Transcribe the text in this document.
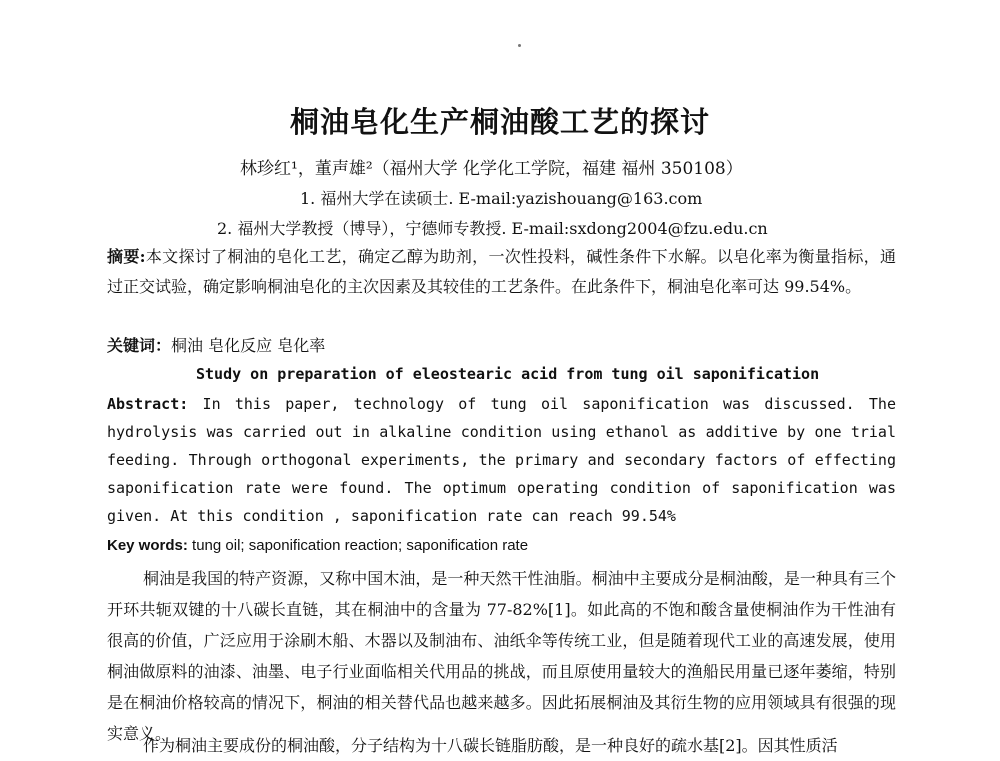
桐油皂化生产桐油酸工艺的探讨
林珍红¹，董声雄²（福州大学 化学化工学院，福建 福州 350108）
1. 福州大学在读硕士. E-mail:yazishouang@163.com
2. 福州大学教授（博导），宁德师专教授. E-mail:sxdong2004@fzu.edu.cn
摘要:本文探讨了桐油的皂化工艺，确定乙醇为助剂，一次性投料，碱性条件下水解。以皂化率为衡量指标，通过正交试验，确定影响桐油皂化的主次因素及其较佳的工艺条件。在此条件下，桐油皂化率可达 99.54%。
关键词：桐油 皂化反应 皂化率
Study on preparation of eleostearic acid from tung oil saponification
Abstract: In this paper, technology of tung oil saponification was discussed. The hydrolysis was carried out in alkaline condition using ethanol as additive by one trial feeding. Through orthogonal experiments, the primary and secondary factors of effecting saponification rate were found. The optimum operating condition of saponification was given. At this condition , saponification rate can reach 99.54%
Key words: tung oil; saponification reaction; saponification rate
桐油是我国的特产资源，又称中国木油，是一种天然干性油脂。桐油中主要成分是桐油酸，是一种具有三个开环共轭双键的十八碳长直链，其在桐油中的含量为 77-82%[1]。如此高的不饱和酸含量使桐油作为干性油有很高的价值，广泛应用于涂刷木船、木器以及制油布、油纸伞等传统工业，但是随着现代工业的高速发展，使用桐油做原料的油漆、油墨、电子行业面临相关代用品的挑战，而且原使用量较大的渔船民用量已逐年萎缩，特别是在桐油价格较高的情况下，桐油的相关替代品也越来越多。因此拓展桐油及其衍生物的应用领域具有很强的现实意义。
作为桐油主要成份的桐油酸，分子结构为十八碳长链脂肪酸，是一种良好的疏水基[2]。因其性质活
